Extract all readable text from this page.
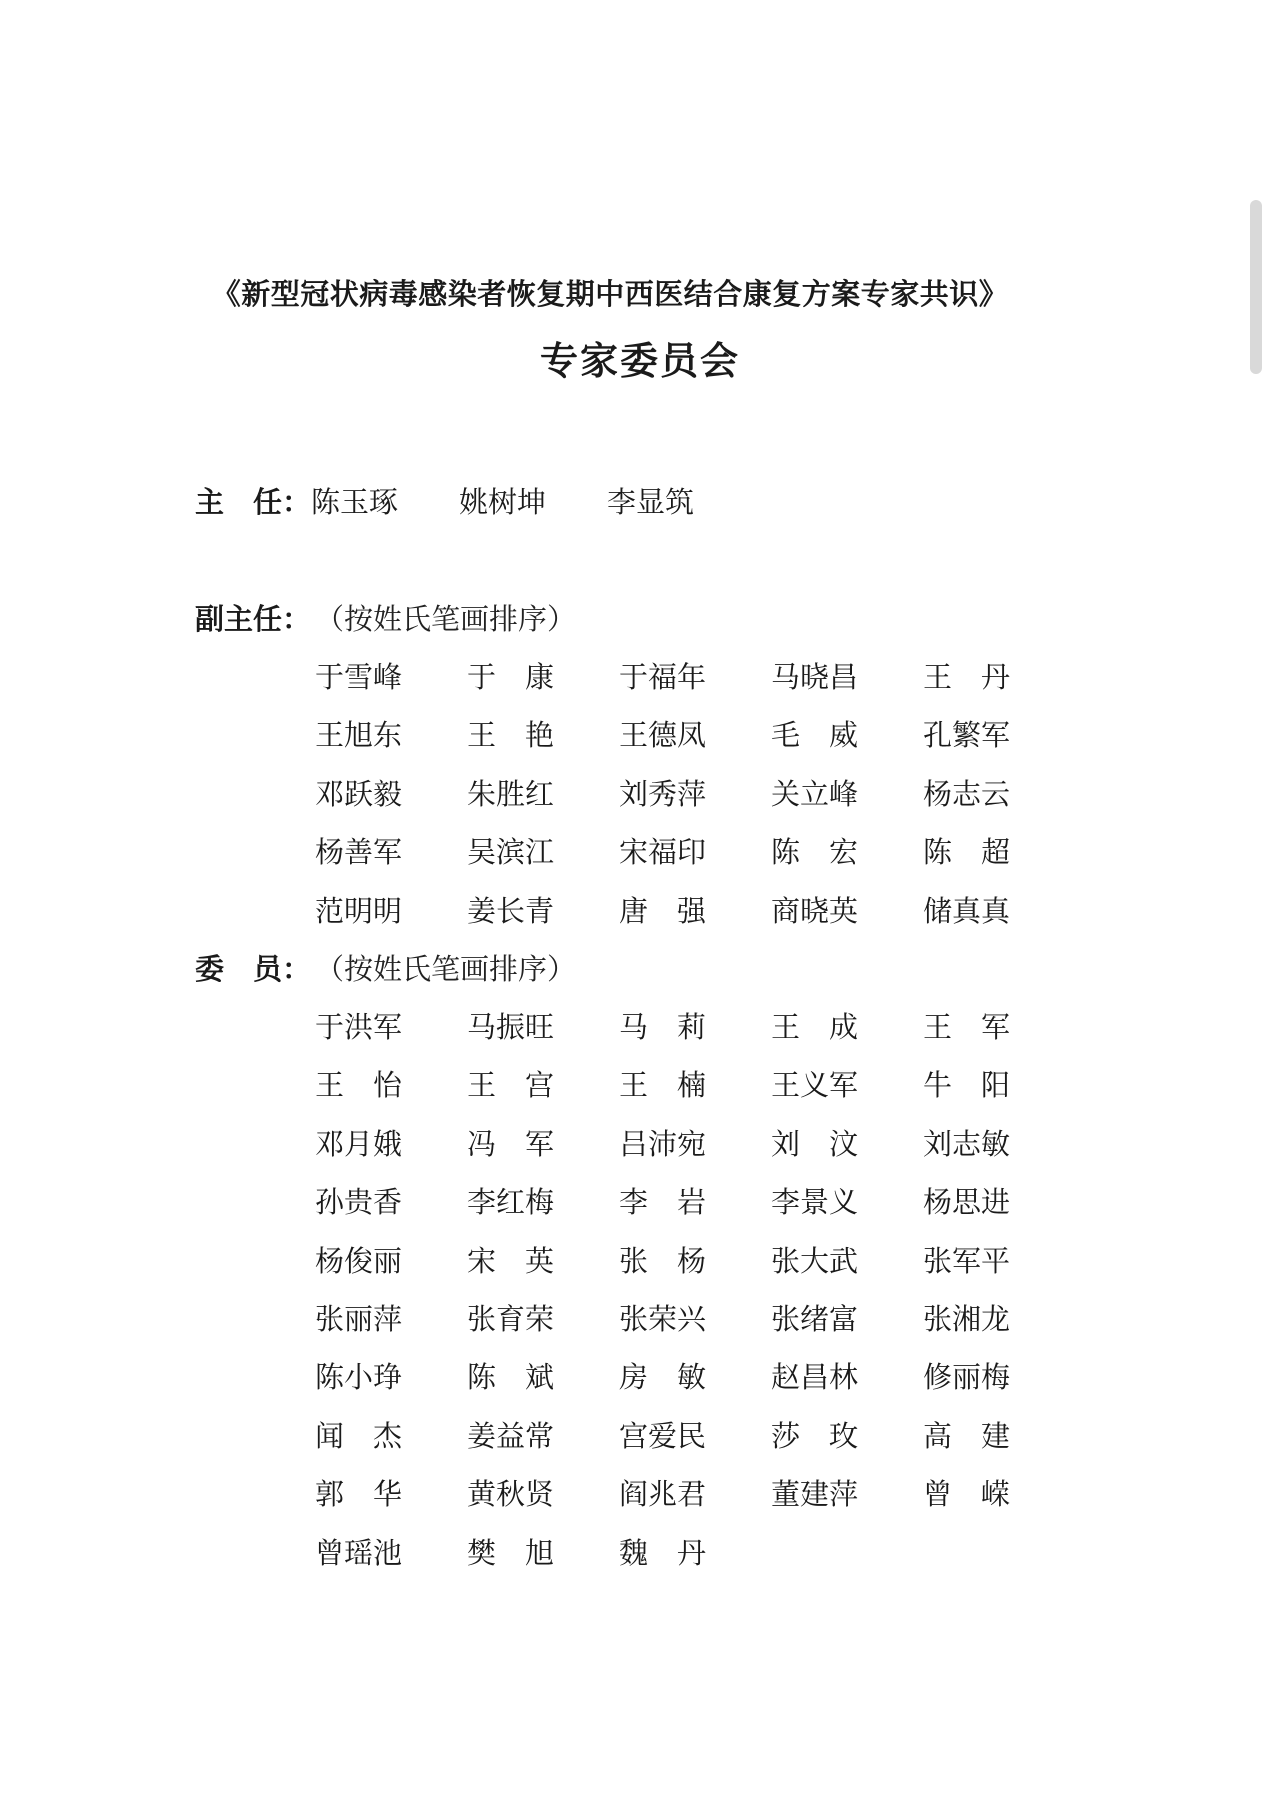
《新型冠状病毒感染者恢复期中西医结合康复方案专家共识》
专家委员会
主　任：陈玉琢 姚树坤 李显筑
副主任： （按姓氏笔画排序）
于雪峰	于　康	于福年	马晓昌	王　丹
王旭东	王　艳	王德凤	毛　威	孔繁军
邓跃毅	朱胜红	刘秀萍	关立峰	杨志云
杨善军	吴滨江	宋福印	陈　宏	陈　超
范明明	姜长青	唐　强	商晓英	储真真
委　员： （按姓氏笔画排序）
于洪军	马振旺	马　莉	王　成	王　军
王　怡	王　宫	王　楠	王义军	牛　阳
邓月娥	冯　军	吕沛宛	刘　汶	刘志敏
孙贵香	李红梅	李　岩	李景义	杨思进
杨俊丽	宋　英	张　杨	张大武	张军平
张丽萍	张育荣	张荣兴	张绪富	张湘龙
陈小琤	陈　斌	房　敏	赵昌林	修丽梅
闻　杰	姜益常	宫爱民	莎　玫	高　建
郭　华	黄秋贤	阎兆君	董建萍	曾　嵘
曾瑶池	樊　旭	魏　丹
